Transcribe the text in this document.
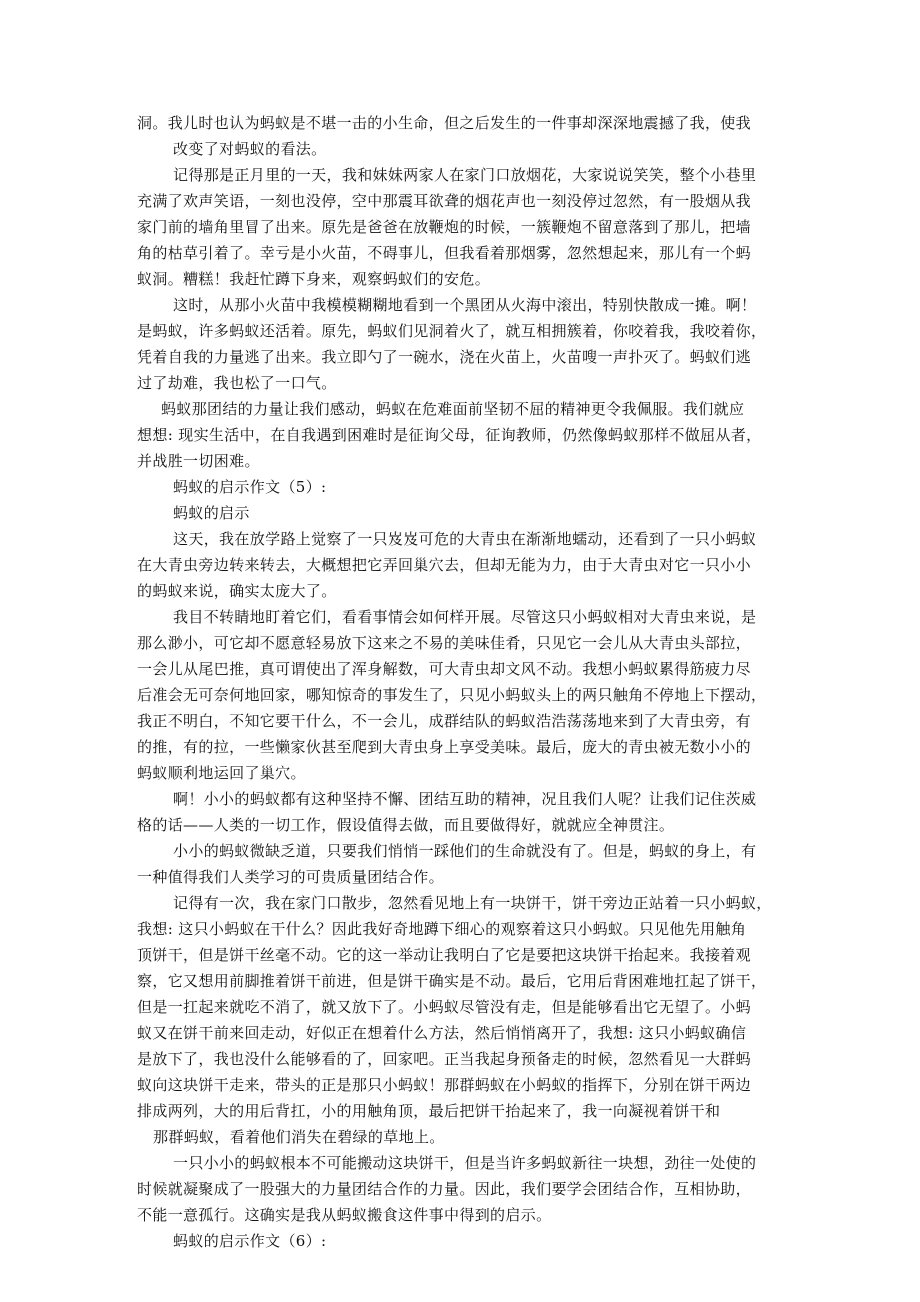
洞。我儿时也认为蚂蚁是不堪一击的小生命，但之后发生的一件事却深深地震撼了我，使我
改变了对蚂蚁的看法。
记得那是正月里的一天，我和妹妹两家人在家门口放烟花，大家说说笑笑，整个小巷里
充满了欢声笑语，一刻也没停，空中那震耳欲聋的烟花声也一刻没停过忽然，有一股烟从我
家门前的墙角里冒了出来。原先是爸爸在放鞭炮的时候，一簇鞭炮不留意落到了那儿，把墙
角的枯草引着了。幸亏是小火苗，不碍事儿，但我看着那烟雾，忽然想起来，那儿有一个蚂
蚁洞。糟糕！我赶忙蹲下身来，观察蚂蚁们的安危。
这时，从那小火苗中我模模糊糊地看到一个黑团从火海中滚出，特别快散成一摊。啊！
是蚂蚁，许多蚂蚁还活着。原先，蚂蚁们见洞着火了，就互相拥簇着，你咬着我，我咬着你，
凭着自我的力量逃了出来。我立即勺了一碗水，浇在火苗上，火苗嗖一声扑灭了。蚂蚁们逃
过了劫难，我也松了一口气。
蚂蚁那团结的力量让我们感动，蚂蚁在危难面前坚韧不屈的精神更令我佩服。我们就应
想想: 现实生活中，在自我遇到困难时是征询父母，征询教师，仍然像蚂蚁那样不做屈从者，
并战胜一切困难。
蚂蚁的启示作文（5）:
蚂蚁的启示
这天，我在放学路上觉察了一只岌岌可危的大青虫在渐渐地蠕动，还看到了一只小蚂蚁
在大青虫旁边转来转去，大概想把它弄回巢穴去，但却无能为力，由于大青虫对它一只小小
的蚂蚁来说，确实太庞大了。
我目不转睛地盯着它们，看看事情会如何样开展。尽管这只小蚂蚁相对大青虫来说，是
那么渺小，可它却不愿意轻易放下这来之不易的美味佳肴，只见它一会儿从大青虫头部拉，
一会儿从尾巴推，真可谓使出了浑身解数，可大青虫却文风不动。我想小蚂蚁累得筋疲力尽
后准会无可奈何地回家，哪知惊奇的事发生了，只见小蚂蚁头上的两只触角不停地上下摆动，
我正不明白，不知它要干什么，不一会儿，成群结队的蚂蚁浩浩荡荡地来到了大青虫旁，有
的推，有的拉，一些懒家伙甚至爬到大青虫身上享受美味。最后，庞大的青虫被无数小小的
蚂蚁顺利地运回了巢穴。
啊！小小的蚂蚁都有这种坚持不懈、团结互助的精神，况且我们人呢？让我们记住茨威
格的话——人类的一切工作，假设值得去做，而且要做得好，就就应全神贯注。
小小的蚂蚁微缺乏道，只要我们悄悄一踩他们的生命就没有了。但是，蚂蚁的身上，有
一种值得我们人类学习的可贵质量团结合作。
记得有一次，我在家门口散步，忽然看见地上有一块饼干，饼干旁边正站着一只小蚂蚁，
我想: 这只小蚂蚁在干什么？因此我好奇地蹲下细心的观察着这只小蚂蚁。只见他先用触角
顶饼干，但是饼干丝毫不动。它的这一举动让我明白了它是要把这块饼干抬起来。我接着观
察，它又想用前脚推着饼干前进，但是饼干确实是不动。最后，它用后背困难地扛起了饼干，
但是一扛起来就吃不消了，就又放下了。小蚂蚁尽管没有走，但是能够看出它无望了。小蚂
蚁又在饼干前来回走动，好似正在想着什么方法，然后悄悄离开了，我想: 这只小蚂蚁确信
是放下了，我也没什么能够看的了，回家吧。正当我起身预备走的时候，忽然看见一大群蚂
蚁向这块饼干走来，带头的正是那只小蚂蚁！那群蚂蚁在小蚂蚁的指挥下，分别在饼干两边
排成两列，大的用后背扛，小的用触角顶，最后把饼干抬起来了，我一向凝视着饼干和
那群蚂蚁，看着他们消失在碧绿的草地上。
一只小小的蚂蚁根本不可能搬动这块饼干，但是当许多蚂蚁新往一块想，劲往一处使的
时候就凝聚成了一股强大的力量团结合作的力量。因此，我们要学会团结合作，互相协助，
不能一意孤行。这确实是我从蚂蚁搬食这件事中得到的启示。
蚂蚁的启示作文（6）:
